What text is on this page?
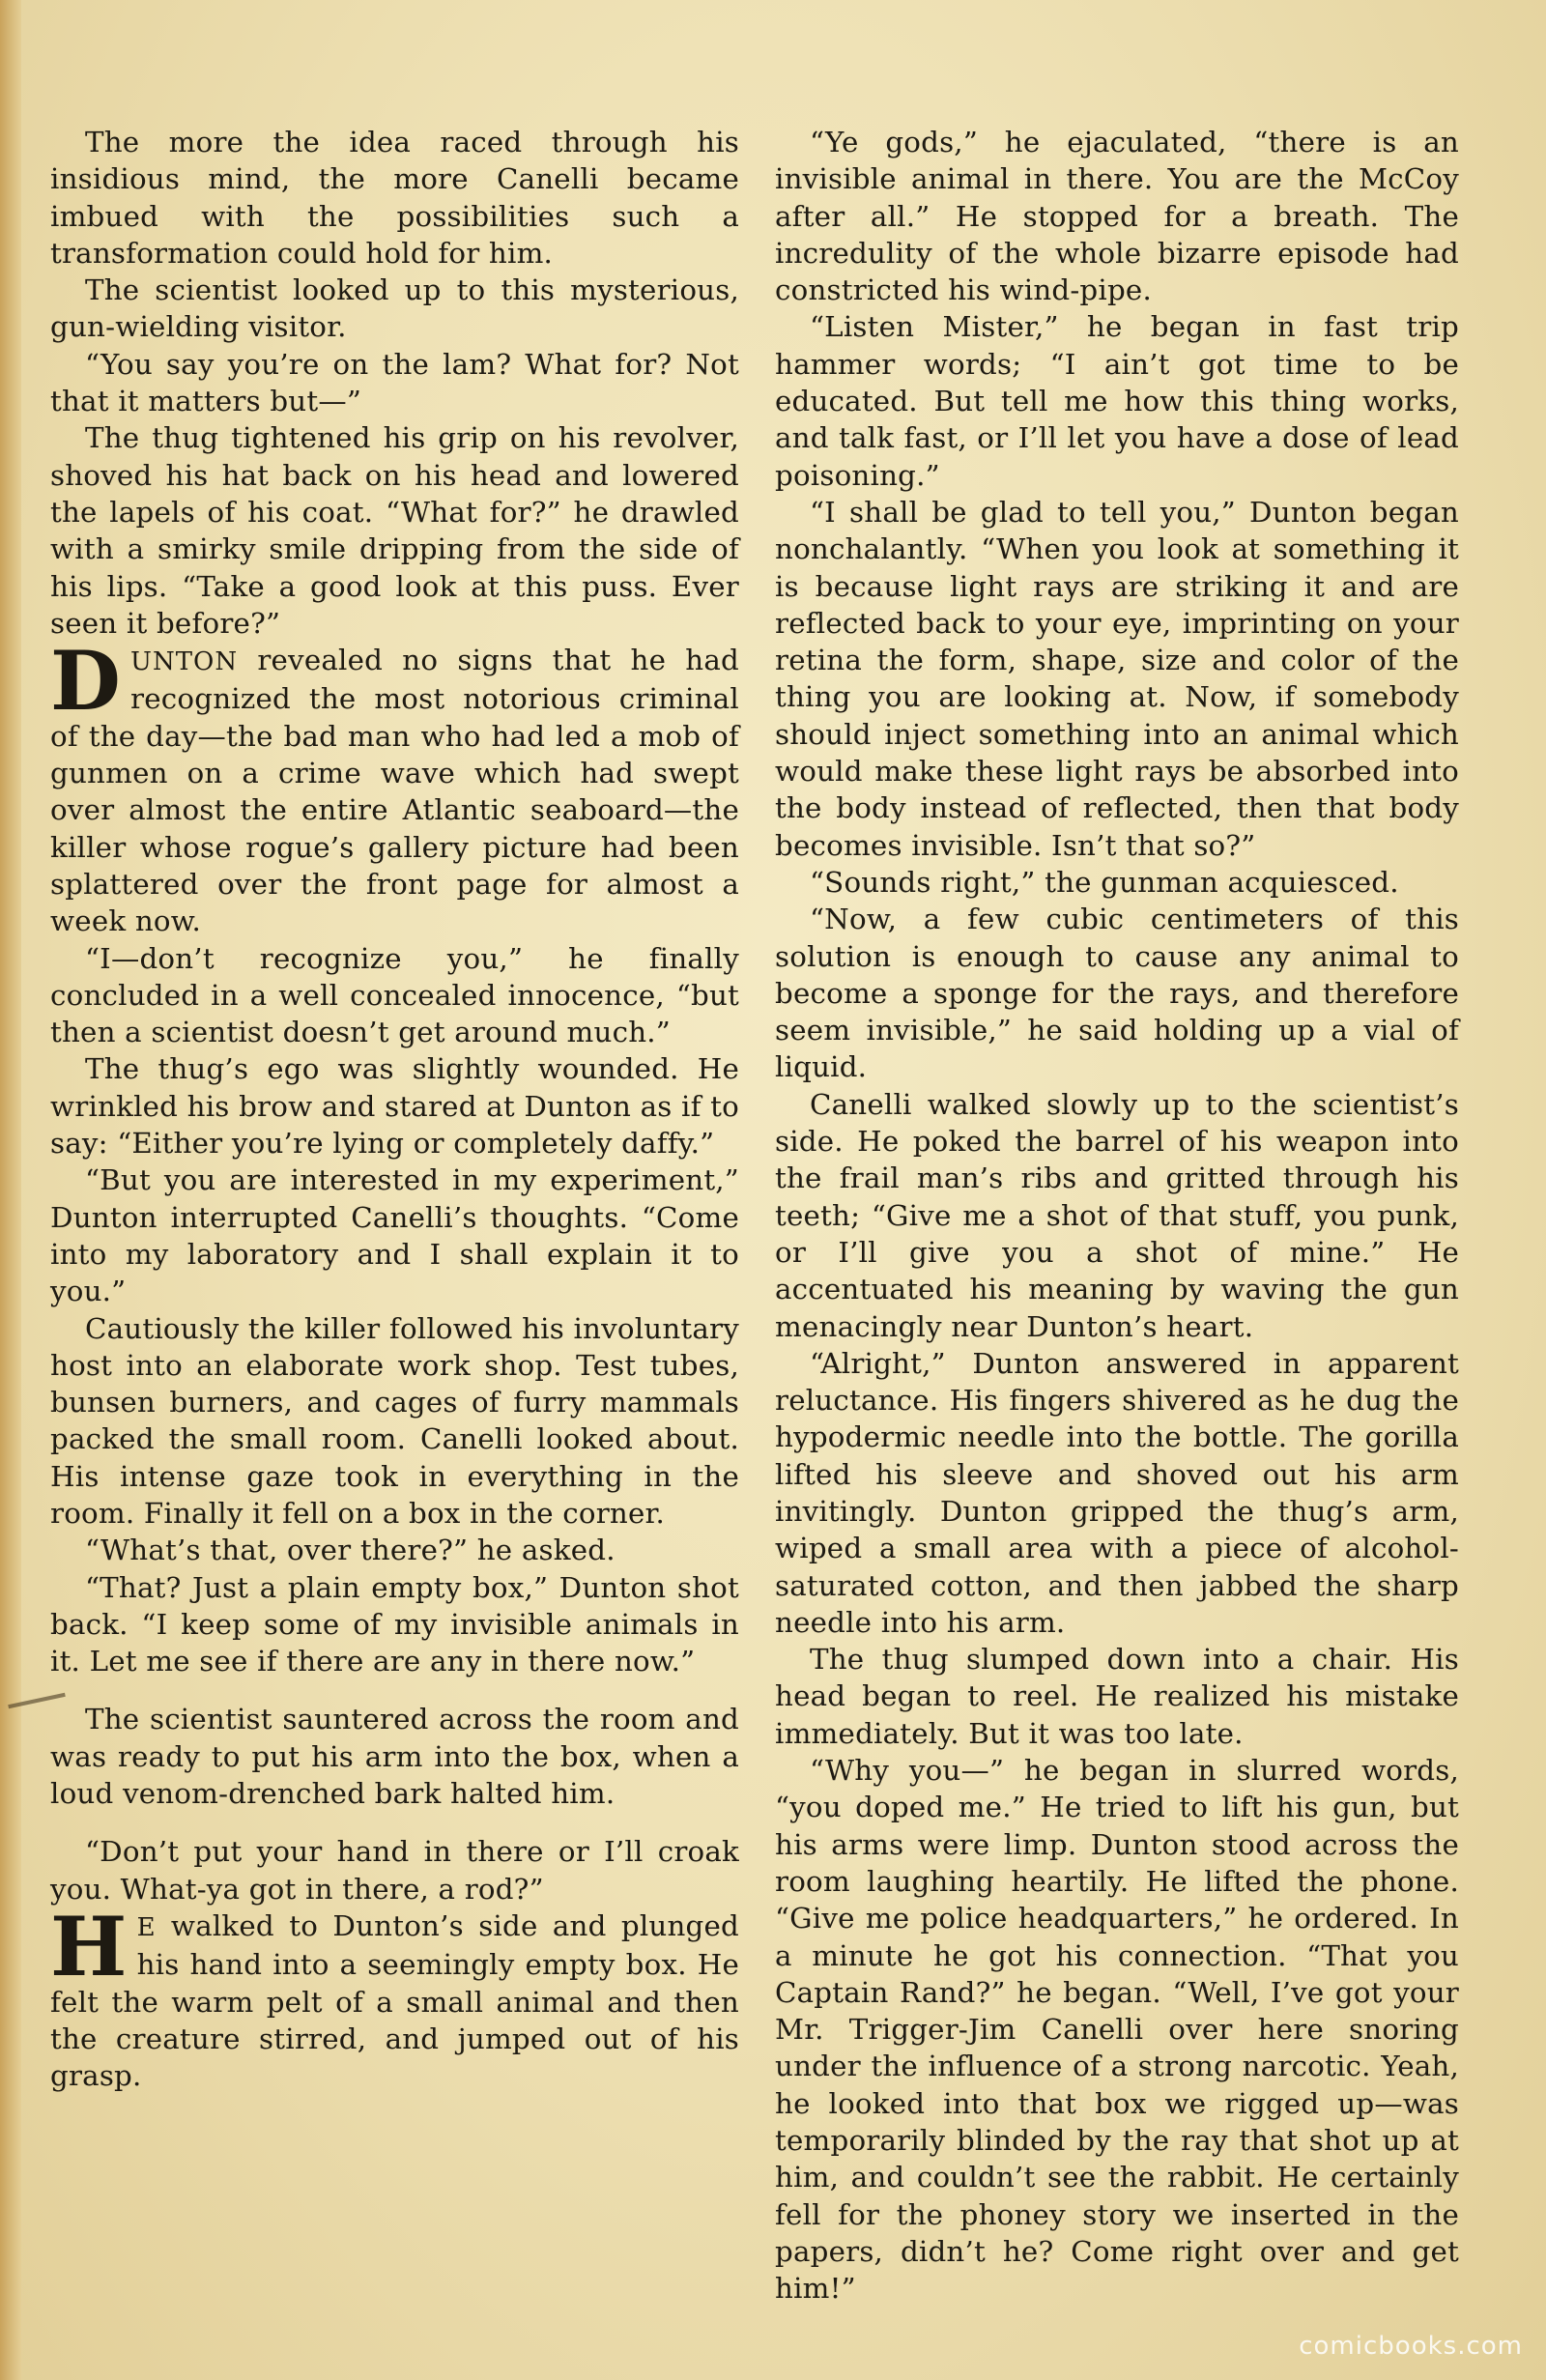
The more the idea raced through his insidious mind, the more Canelli became imbued with the possibilities such a transformation could hold for him.

The scientist looked up to this mysterious, gun-wielding visitor.

“You say you’re on the lam? What for? Not that it matters but—”

The thug tightened his grip on his revolver, shoved his hat back on his head and lowered the lapels of his coat. “What for?” he drawled with a smirky smile dripping from the side of his lips. “Take a good look at this puss. Ever seen it before?”

DUNTON revealed no signs that he had recognized the most notorious criminal of the day—the bad man who had led a mob of gunmen on a crime wave which had swept over almost the entire Atlantic seaboard—the killer whose rogue’s gallery picture had been splattered over the front page for almost a week now.

“I—don’t recognize you,” he finally concluded in a well concealed innocence, “but then a scientist doesn’t get around much.”

The thug’s ego was slightly wounded. He wrinkled his brow and stared at Dunton as if to say: “Either you’re lying or completely daffy.”

“But you are interested in my experiment,” Dunton interrupted Canelli’s thoughts. “Come into my laboratory and I shall explain it to you.”

Cautiously the killer followed his involuntary host into an elaborate work shop. Test tubes, bunsen burners, and cages of furry mammals packed the small room. Canelli looked about. His intense gaze took in everything in the room. Finally it fell on a box in the corner.

“What’s that, over there?” he asked.

“That? Just a plain empty box,” Dunton shot back. “I keep some of my invisible animals in it. Let me see if there are any in there now.”

The scientist sauntered across the room and was ready to put his arm into the box, when a loud venom-drenched bark halted him.

“Don’t put your hand in there or I’ll croak you. What-ya got in there, a rod?”

H E walked to Dunton’s side and plunged his hand into a seemingly empty box. He felt the warm pelt of a small animal and then the creature stirred, and jumped out of his grasp.

“Ye gods,” he ejaculated, “there is an invisible animal in there. You are the McCoy after all.” He stopped for a breath. The incredulity of the whole bizarre episode had constricted his wind-pipe.

“Listen Mister,” he began in fast trip hammer words; “I ain’t got time to be educated. But tell me how this thing works, and talk fast, or I’ll let you have a dose of lead poisoning.”

“I shall be glad to tell you,” Dunton began nonchalantly. “When you look at something it is because light rays are striking it and are reflected back to your eye, imprinting on your retina the form, shape, size and color of the thing you are looking at. Now, if somebody should inject something into an animal which would make these light rays be absorbed into the body instead of reflected, then that body becomes invisible. Isn’t that so?”

“Sounds right,” the gunman acquiesced.

“Now, a few cubic centimeters of this solution is enough to cause any animal to become a sponge for the rays, and therefore seem invisible,” he said holding up a vial of liquid.

Canelli walked slowly up to the scientist’s side. He poked the barrel of his weapon into the frail man’s ribs and gritted through his teeth; “Give me a shot of that stuff, you punk, or I’ll give you a shot of mine.” He accentuated his meaning by waving the gun menacingly near Dunton’s heart.

“Alright,” Dunton answered in apparent reluctance. His fingers shivered as he dug the hypodermic needle into the bottle. The gorilla lifted his sleeve and shoved out his arm invitingly. Dunton gripped the thug’s arm, wiped a small area with a piece of alcohol-saturated cotton, and then jabbed the sharp needle into his arm.

The thug slumped down into a chair. His head began to reel. He realized his mistake immediately. But it was too late.

“Why you—” he began in slurred words, “you doped me.” He tried to lift his gun, but his arms were limp. Dunton stood across the room laughing heartily. He lifted the phone. “Give me police headquarters,” he ordered. In a minute he got his connection. “That you Captain Rand?” he began. “Well, I’ve got your Mr. Trigger-Jim Canelli over here snoring under the influence of a strong narcotic. Yeah, he looked into that box we rigged up—was temporarily blinded by the ray that shot up at him, and couldn’t see the rabbit. He certainly fell for the phoney story we inserted in the papers, didn’t he? Come right over and get him!”

comicbooks.com
